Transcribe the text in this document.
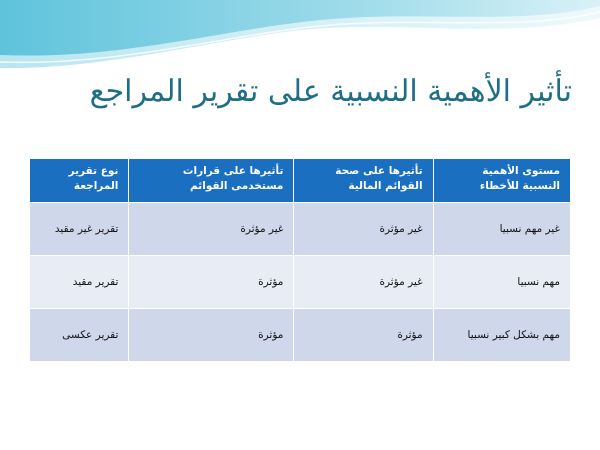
تأثير الأهمية النسبية على تقرير المراجع
مستوى الأهمية النسبية للأخطاء	تأثيرها على صحة القوائم المالية	تأثيرها على قرارات مستخدمى القوائم	نوع تقرير المراجعة
غير مهم نسبيا	غير مؤثرة	غير مؤثرة	تقرير غير مقيد
مهم نسبيا	غير مؤثرة	مؤثرة	تقرير مقيد
مهم بشكل كبير نسبيا	مؤثرة	مؤثرة	تقرير عكسى
